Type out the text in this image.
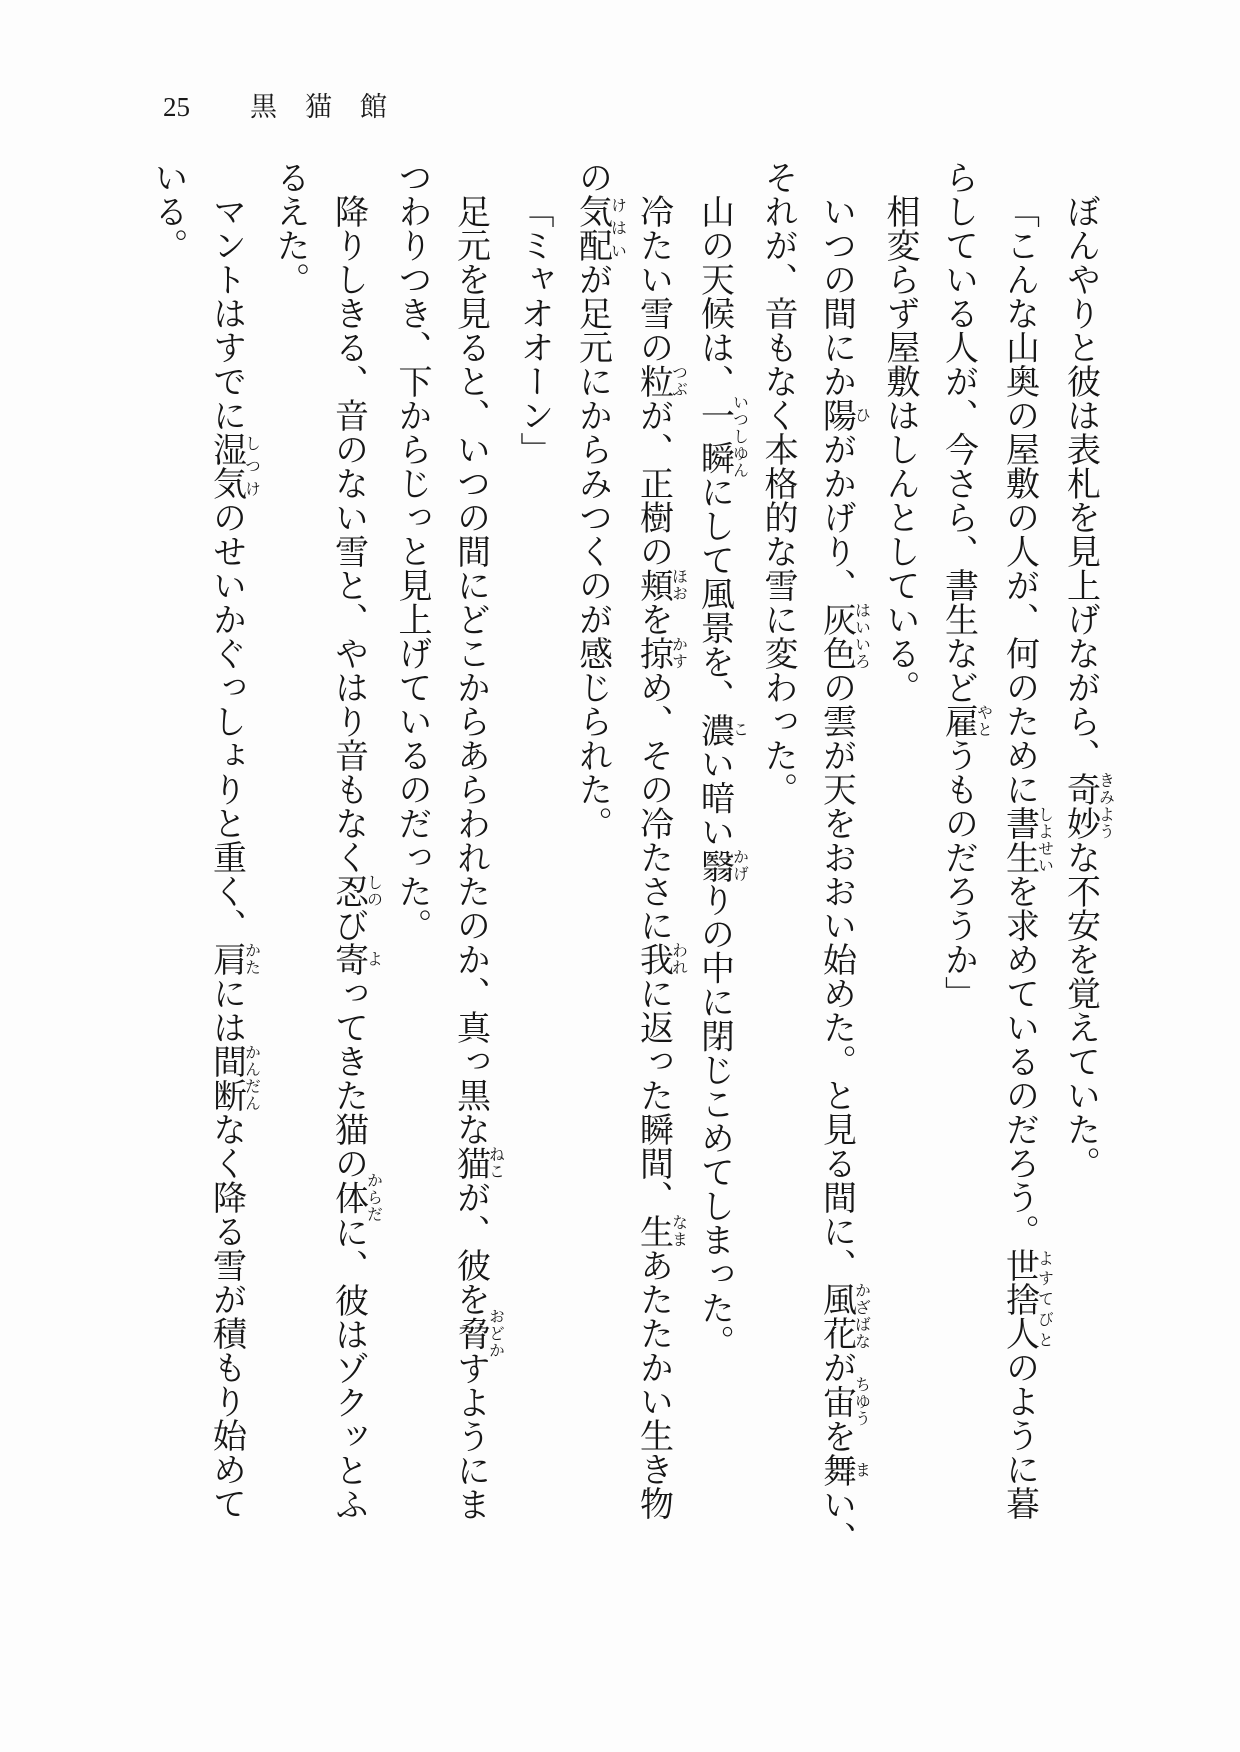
25 黒猫館
ぼんやりと彼は表札を見上げながら、奇妙きみような不安を覚えていた。
「こんな山奥の屋敷の人が、何のために書生しよせいを求めているのだろう。世捨人よすてびとのように暮
らしている人が、今さら、書生など雇やとうものだろうか」
相変らず屋敷はしんとしている。
いつの間にか陽ひがかげり、灰色はいいろの雲が天をおおい始めた。と見る間に、風花かざばなが宙ちゆうを舞まい、
それが、音もなく本格的な雪に変わった。
山の天候は、一瞬いつしゆんにして風景を、濃こい暗い翳かげりの中に閉じこめてしまった。
冷たい雪の粒つぶが、正樹の頬ほおを掠かすめ、その冷たさに我われに返った瞬間、生なまあたたかい生き物
の気配けはいが足元にからみつくのが感じられた。
「ミャオオーン」
足元を見ると、いつの間にどこからあらわれたのか、真っ黒な猫ねこが、彼を脅おどかすようにま
つわりつき、下からじっと見上げているのだった。
降りしきる、音のない雪と、やはり音もなく忍しのび寄よってきた猫の体からだに、彼はゾクッとふ
るえた。
マントはすでに湿気しつけのせいかぐっしょりと重く、肩かたには間断かんだんなく降る雪が積もり始めて
いる。
